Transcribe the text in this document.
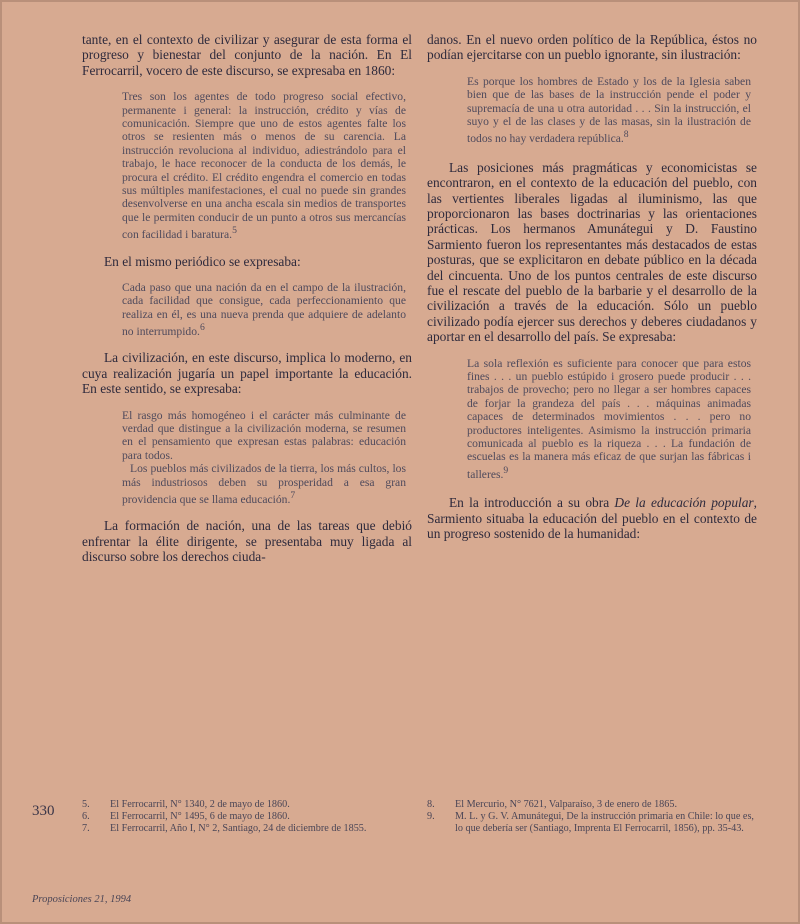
tante, en el contexto de civilizar y asegurar de esta forma el progreso y bienestar del conjunto de la nación. En El Ferrocarril, vocero de este discurso, se expresaba en 1860:

Tres son los agentes de todo progreso social efectivo, permanente i general: la instrucción, crédito y vías de comunicación. Siempre que uno de estos agentes falte los otros se resienten más o menos de su carencia. La instrucción revoluciona al individuo, adiestrándolo para el trabajo, le hace reconocer de la conducta de los demás, le procura el crédito. El crédito engendra el comercio en todas sus múltiples manifestaciones, el cual no puede sin grandes desenvolverse en una ancha escala sin medios de transportes que le permiten conducir de un punto a otros sus mercancías con facilidad i baratura.$^5$

En el mismo periódico se expresaba:

Cada paso que una nación da en el campo de la ilustración, cada facilidad que consigue, cada perfeccionamiento que realiza en él, es una nueva prenda que adquiere de adelanto no interrumpido.$^6$

La civilización, en este discurso, implica lo moderno, en cuya realización jugaría un papel importante la educación. En este sentido, se expresaba:

El rasgo más homogéneo i el carácter más culminante de verdad que distingue a la civilización moderna, se resumen en el pensamiento que expresan estas palabras: educación para todos.

Los pueblos más civilizados de la tierra, los más cultos, los más industriosos deben su prosperidad a esa gran providencia que se llama educación.$^7$

La formación de nación, una de las tareas que debió enfrentar la élite dirigente, se presentaba muy ligada al discurso sobre los derechos ciuda-

danos. En el nuevo orden político de la República, éstos no podían ejercitarse con un pueblo ignorante, sin ilustración:

Es porque los hombres de Estado y los de la Iglesia saben bien que de las bases de la instrucción pende el poder y supremacía de una u otra autoridad . . . Sin la instrucción, el suyo y el de las clases y de las masas, sin la ilustración de todos no hay verdadera república.$^8$

Las posiciones más pragmáticas y economicistas se encontraron, en el contexto de la educación del pueblo, con las vertientes liberales ligadas al iluminismo, las que proporcionaron las bases doctrinarias y las orientaciones prácticas. Los hermanos Amunátegui y D. Faustino Sarmiento fueron los representantes más destacados de estas posturas, que se explicitaron en debate público en la década del cincuenta. Uno de los puntos centrales de este discurso fue el rescate del pueblo de la barbarie y el desarrollo de la civilización a través de la educación. Sólo un pueblo civilizado podía ejercer sus derechos y deberes ciudadanos y aportar en el desarrollo del país. Se expresaba:

La sola reflexión es suficiente para conocer que para estos fines . . . un pueblo estúpido i grosero puede producir . . . trabajos de provecho; pero no llegar a ser hombres capaces de forjar la grandeza del país . . . máquinas animadas capaces de determinados movimientos . . . pero no productores inteligentes. Asimismo la instrucción primaria comunicada al pueblo es la riqueza . . . La fundación de escuelas es la manera más eficaz de que surjan las fábricas i talleres.$^9$

En la introducción a su obra De la educación popular, Sarmiento situaba la educación del pueblo en el contexto de un progreso sostenido de la humanidad:

330	5.	El Ferrocarril, N° 1340, 2 de mayo de 1860.
6.	El Ferrocarril, N° 1495, 6 de mayo de 1860.
7.	El Ferrocarril, Año I, N° 2, Santiago, 24 de diciembre de 1855.
8.	El Mercurio, N° 7621, Valparaíso, 3 de enero de 1865.
9.	M. L. y G. V. Amunátegui, De la instrucción primaria en Chile: lo que es, lo que debería ser (Santiago, Imprenta El Ferrocarril, 1856), pp. 35-43.
Proposiciones 21, 1994
